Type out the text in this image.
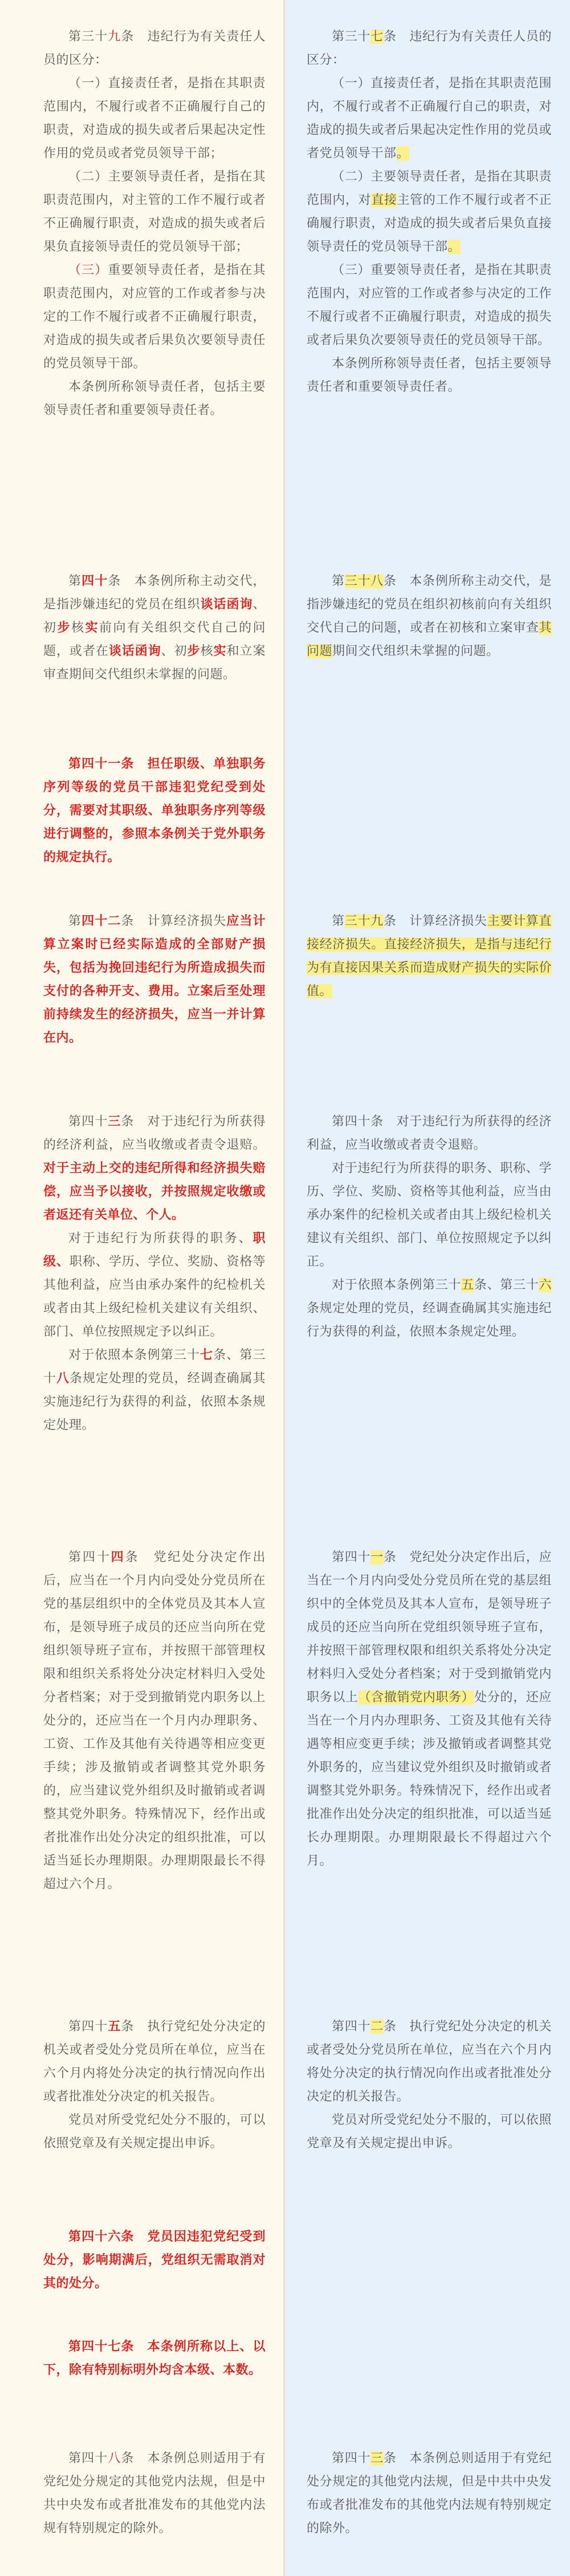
第三十九条　 违纪行为有关责任人员的区分：

（一）直接责任者，是指在其职责范围内，不履行或者不正确履行自己的职责，对造成的损失或者后果起决定性作用的党员或者党员领导干部；

（二）主要领导责任者，是指在其职责范围内，对主管的工作不履行或者不正确履行职责，对造成的损失或者后果负直接领导责任的党员领导干部；

（三）重要领导责任者，是指在其职责范围内，对应管的工作或者参与决定的工作不履行或者不正确履行职责，对造成的损失或者后果负次要领导责任的党员领导干部。

本条例所称领导责任者，包括主要领导责任者和重要领导责任者。

第四十条　 本条例所称主动交代，是指涉嫌违纪的党员在组织谈话函询、初步核实前向有关组织交代自己的问题，或者在谈话函询、初步核实和立案审查期间交代组织未掌握的问题。

第四十一条　担任职级、单独职务序列等级的党员干部违犯党纪受到处分，需要对其职级、单独职务序列等级进行调整的，参照本条例关于党外职务的规定执行。

第四十二条　 计算经济损失应当计算立案时已经实际造成的全部财产损失，包括为挽回违纪行为所造成损失而支付的各种开支、费用。立案后至处理前持续发生的经济损失，应当一并计算在内。

第四十三条　 对于违纪行为所获得的经济利益，应当收缴或者责令退赔。对于主动上交的违纪所得和经济损失赔偿，应当予以接收，并按照规定收缴或者返还有关单位、个人。

对于违纪行为所获得的职务、职级、职称、学历、学位、奖励、资格等其他利益，应当由承办案件的纪检机关或者由其上级纪检机关建议有关组织、部门、单位按照规定予以纠正。

对于依照本条例第三十七条、第三十八条规定处理的党员，经调查确属其实施违纪行为获得的利益，依照本条规定处理。

第四十四条　 党纪处分决定作出后，应当在一个月内向受处分党员所在党的基层组织中的全体党员及其本人宣布，是领导班子成员的还应当向所在党组织领导班子宣布，并按照干部管理权限和组织关系将处分决定材料归入受处分者档案；对于受到撤销党内职务以上处分的，还应当在一个月内办理职务、工资、工作及其他有关待遇等相应变更手续；涉及撤销或者调整其党外职务的，应当建议党外组织及时撤销或者调整其党外职务。特殊情况下，经作出或者批准作出处分决定的组织批准，可以适当延长办理期限。办理期限最长不得超过六个月。

第四十五条　 执行党纪处分决定的机关或者受处分党员所在单位，应当在六个月内将处分决定的执行情况向作出或者批准处分决定的机关报告。

党员对所受党纪处分不服的，可以依照党章及有关规定提出申诉。

第四十六条　党员因违犯党纪受到处分，影响期满后，党组织无需取消对其的处分。

第四十七条　本条例所称以上、以下，除有特别标明外均含本级、本数。

第四十八条　 本条例总则适用于有党纪处分规定的其他党内法规，但是中共中央发布或者批准发布的其他党内法规有特别规定的除外。

第三十七条　 违纪行为有关责任人员的区分：

（一）直接责任者，是指在其职责范围内，不履行或者不正确履行自己的职责，对造成的损失或者后果起决定性作用的党员或者党员领导干部。

（二）主要领导责任者，是指在其职责范围内，对直接主管的工作不履行或者不正确履行职责，对造成的损失或者后果负直接领导责任的党员领导干部。

（三）重要领导责任者，是指在其职责范围内，对应管的工作或者参与决定的工作不履行或者不正确履行职责，对造成的损失或者后果负次要领导责任的党员领导干部。

本条例所称领导责任者，包括主要领导责任者和重要领导责任者。

第三十八条　 本条例所称主动交代，是指涉嫌违纪的党员在组织初核前向有关组织交代自己的问题，或者在初核和立案审查其问题期间交代组织未掌握的问题。

第三十九条　 计算经济损失主要计算直接经济损失。直接经济损失，是指与违纪行为有直接因果关系而造成财产损失的实际价值。

第四十条　 对于违纪行为所获得的经济利益，应当收缴或者责令退赔。

对于违纪行为所获得的职务、职称、学历、学位、奖励、资格等其他利益，应当由承办案件的纪检机关或者由其上级纪检机关建议有关组织、部门、单位按照规定予以纠正。

对于依照本条例第三十五条、第三十六条规定处理的党员，经调查确属其实施违纪行为获得的利益，依照本条规定处理。

第四十一条　 党纪处分决定作出后，应当在一个月内向受处分党员所在党的基层组织中的全体党员及其本人宣布，是领导班子成员的还应当向所在党组织领导班子宣布，并按照干部管理权限和组织关系将处分决定材料归入受处分者档案；对于受到撤销党内职务以上（含撤销党内职务）处分的，还应当在一个月内办理职务、工资及其他有关待遇等相应变更手续；涉及撤销或者调整其党外职务的，应当建议党外组织及时撤销或者调整其党外职务。特殊情况下，经作出或者批准作出处分决定的组织批准，可以适当延长办理期限。办理期限最长不得超过六个月。

第四十二条　 执行党纪处分决定的机关或者受处分党员所在单位，应当在六个月内将处分决定的执行情况向作出或者批准处分决定的机关报告。

党员对所受党纪处分不服的，可以依照党章及有关规定提出申诉。

第四十三条　 本条例总则适用于有党纪处分规定的其他党内法规，但是中共中央发布或者批准发布的其他党内法规有特别规定的除外。
